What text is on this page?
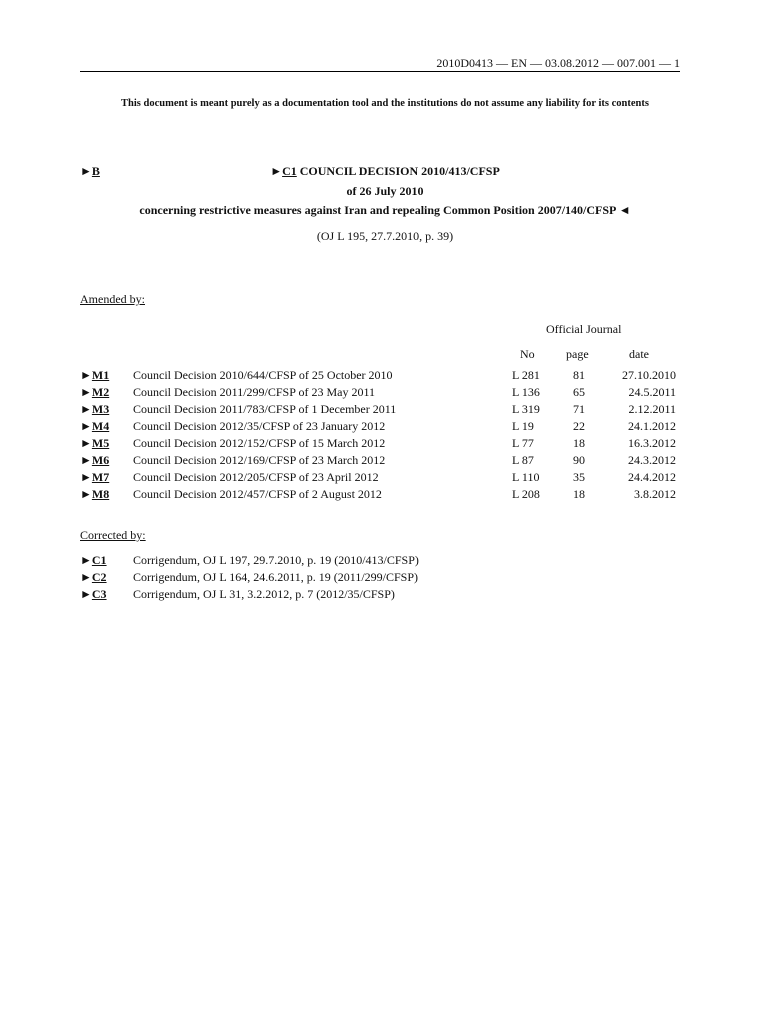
2010D0413 — EN — 03.08.2012 — 007.001 — 1
This document is meant purely as a documentation tool and the institutions do not assume any liability for its contents
►B	►C1 COUNCIL DECISION 2010/413/CFSP
of 26 July 2010
concerning restrictive measures against Iran and repealing Common Position 2007/140/CFSP ◄
(OJ L 195, 27.7.2010, p. 39)
Amended by:
Official Journal
No	page	date
►M1 Council Decision 2010/644/CFSP of 25 October 2010	L 281	81	27.10.2010
►M2 Council Decision 2011/299/CFSP of 23 May 2011	L 136	65	24.5.2011
►M3 Council Decision 2011/783/CFSP of 1 December 2011	L 319	71	2.12.2011
►M4 Council Decision 2012/35/CFSP of 23 January 2012	L 19	22	24.1.2012
►M5 Council Decision 2012/152/CFSP of 15 March 2012	L 77	18	16.3.2012
►M6 Council Decision 2012/169/CFSP of 23 March 2012	L 87	90	24.3.2012
►M7 Council Decision 2012/205/CFSP of 23 April 2012	L 110	35	24.4.2012
►M8 Council Decision 2012/457/CFSP of 2 August 2012	L 208	18	3.8.2012
Corrected by:
►C1 Corrigendum, OJ L 197, 29.7.2010, p. 19 (2010/413/CFSP)
►C2 Corrigendum, OJ L 164, 24.6.2011, p. 19 (2011/299/CFSP)
►C3 Corrigendum, OJ L 31, 3.2.2012, p. 7 (2012/35/CFSP)
